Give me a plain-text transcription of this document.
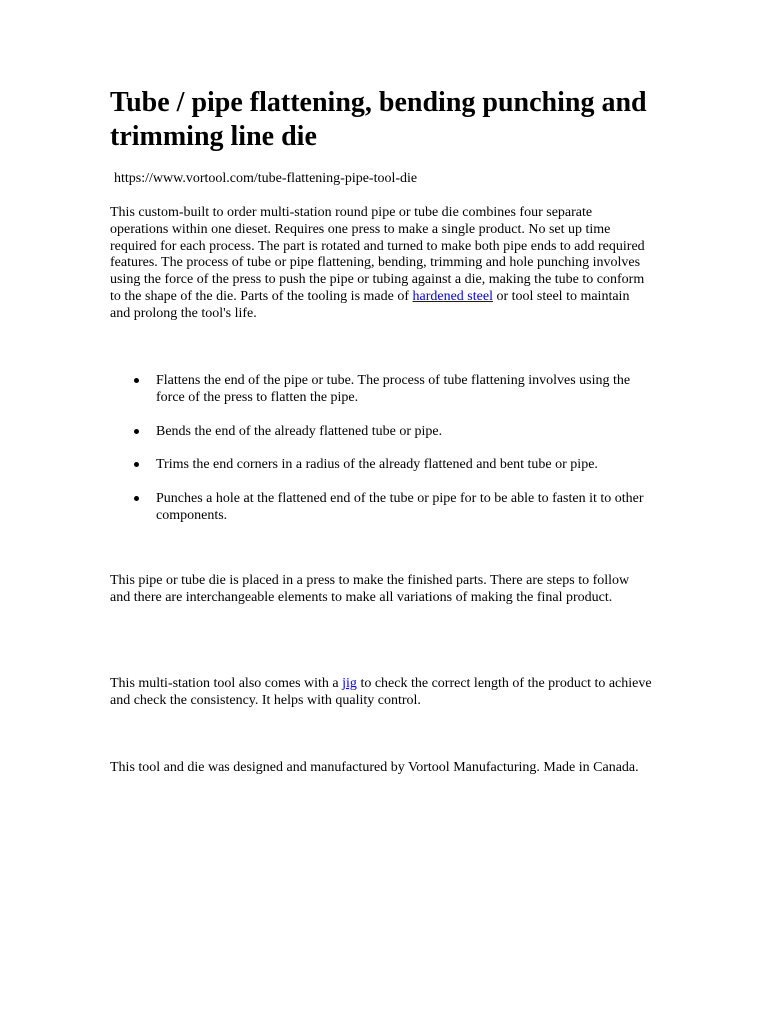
Tube / pipe flattening, bending punching and trimming line die
https://www.vortool.com/tube-flattening-pipe-tool-die

This custom-built to order multi-station round pipe or tube die combines four separate operations within one dieset. Requires one press to make a single product. No set up time required for each process. The part is rotated and turned to make both pipe ends to add required features. The process of tube or pipe flattening, bending, trimming and hole punching involves using the force of the press to push the pipe or tubing against a die, making the tube to conform to the shape of the die. Parts of the tooling is made of hardened steel or tool steel to maintain and prolong the tool's life.

Flattens the end of the pipe or tube. The process of tube flattening involves using the force of the press to flatten the pipe.
Bends the end of the already flattened tube or pipe.
Trims the end corners in a radius of the already flattened and bent tube or pipe.
Punches a hole at the flattened end of the tube or pipe for to be able to fasten it to other components.

This pipe or tube die is placed in a press to make the finished parts. There are steps to follow and there are interchangeable elements to make all variations of making the final product.

This multi-station tool also comes with a jig to check the correct length of the product to achieve and check the consistency. It helps with quality control.

This tool and die was designed and manufactured by Vortool Manufacturing. Made in Canada.
